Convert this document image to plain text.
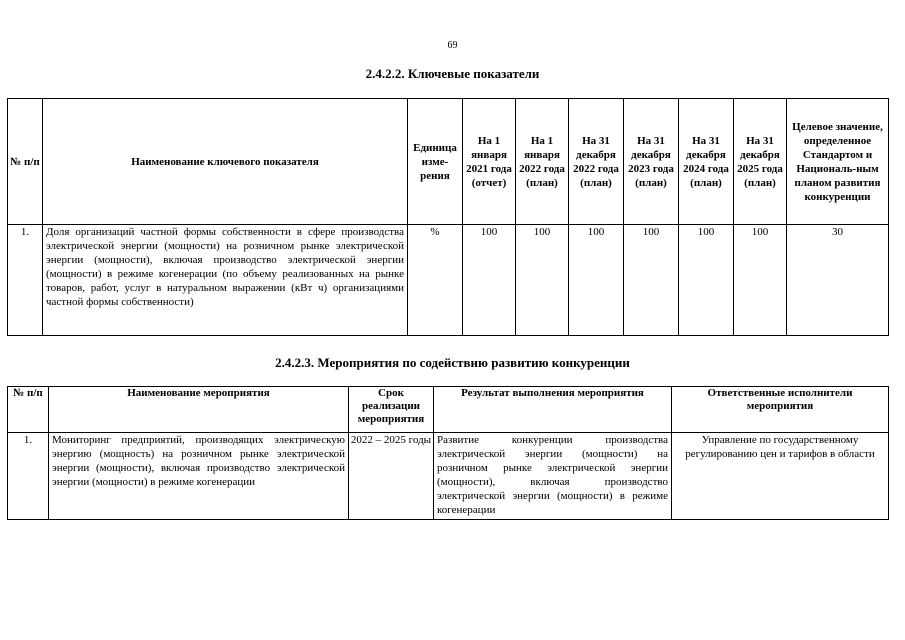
69
2.4.2.2. Ключевые показатели
№ п/п	Наименование ключевого показателя	Единица изме-рения	На 1 января 2021 года (отчет)	На 1 января 2022 года (план)	На 31 декабря 2022 года (план)	На 31 декабря 2023 года (план)	На 31 декабря 2024 года (план)	На 31 декабря 2025 года (план)	Целевое значение, определенное Стандартом и Националь-ным планом развития конкуренции
1.	Доля организаций частной формы собственности в сфере производства электрической энергии (мощности) на розничном рынке электрической энергии (мощности), включая производство электрической энергии (мощности) в режиме когенерации (по объему реализованных на рынке товаров, работ, услуг в натуральном выражении (кВт ч) организациями частной формы собственности)	%	100	100	100	100	100	100	30
2.4.2.3. Мероприятия по содействию развитию конкуренции
№ п/п	Наименование мероприятия	Срок реализации мероприятия	Результат выполнения мероприятия	Ответственные исполнители мероприятия
1.	Мониторинг предприятий, производящих электрическую энергию (мощность) на розничном рынке электрической энергии (мощности), включая производство электрической энергии (мощности) в режиме когенерации	2022 – 2025 годы	Развитие конкуренции производства электрической энергии (мощности) на розничном рынке электрической энергии (мощности), включая производство электрической энергии (мощности) в режиме когенерации	Управление по государственному регулированию цен и тарифов в области
